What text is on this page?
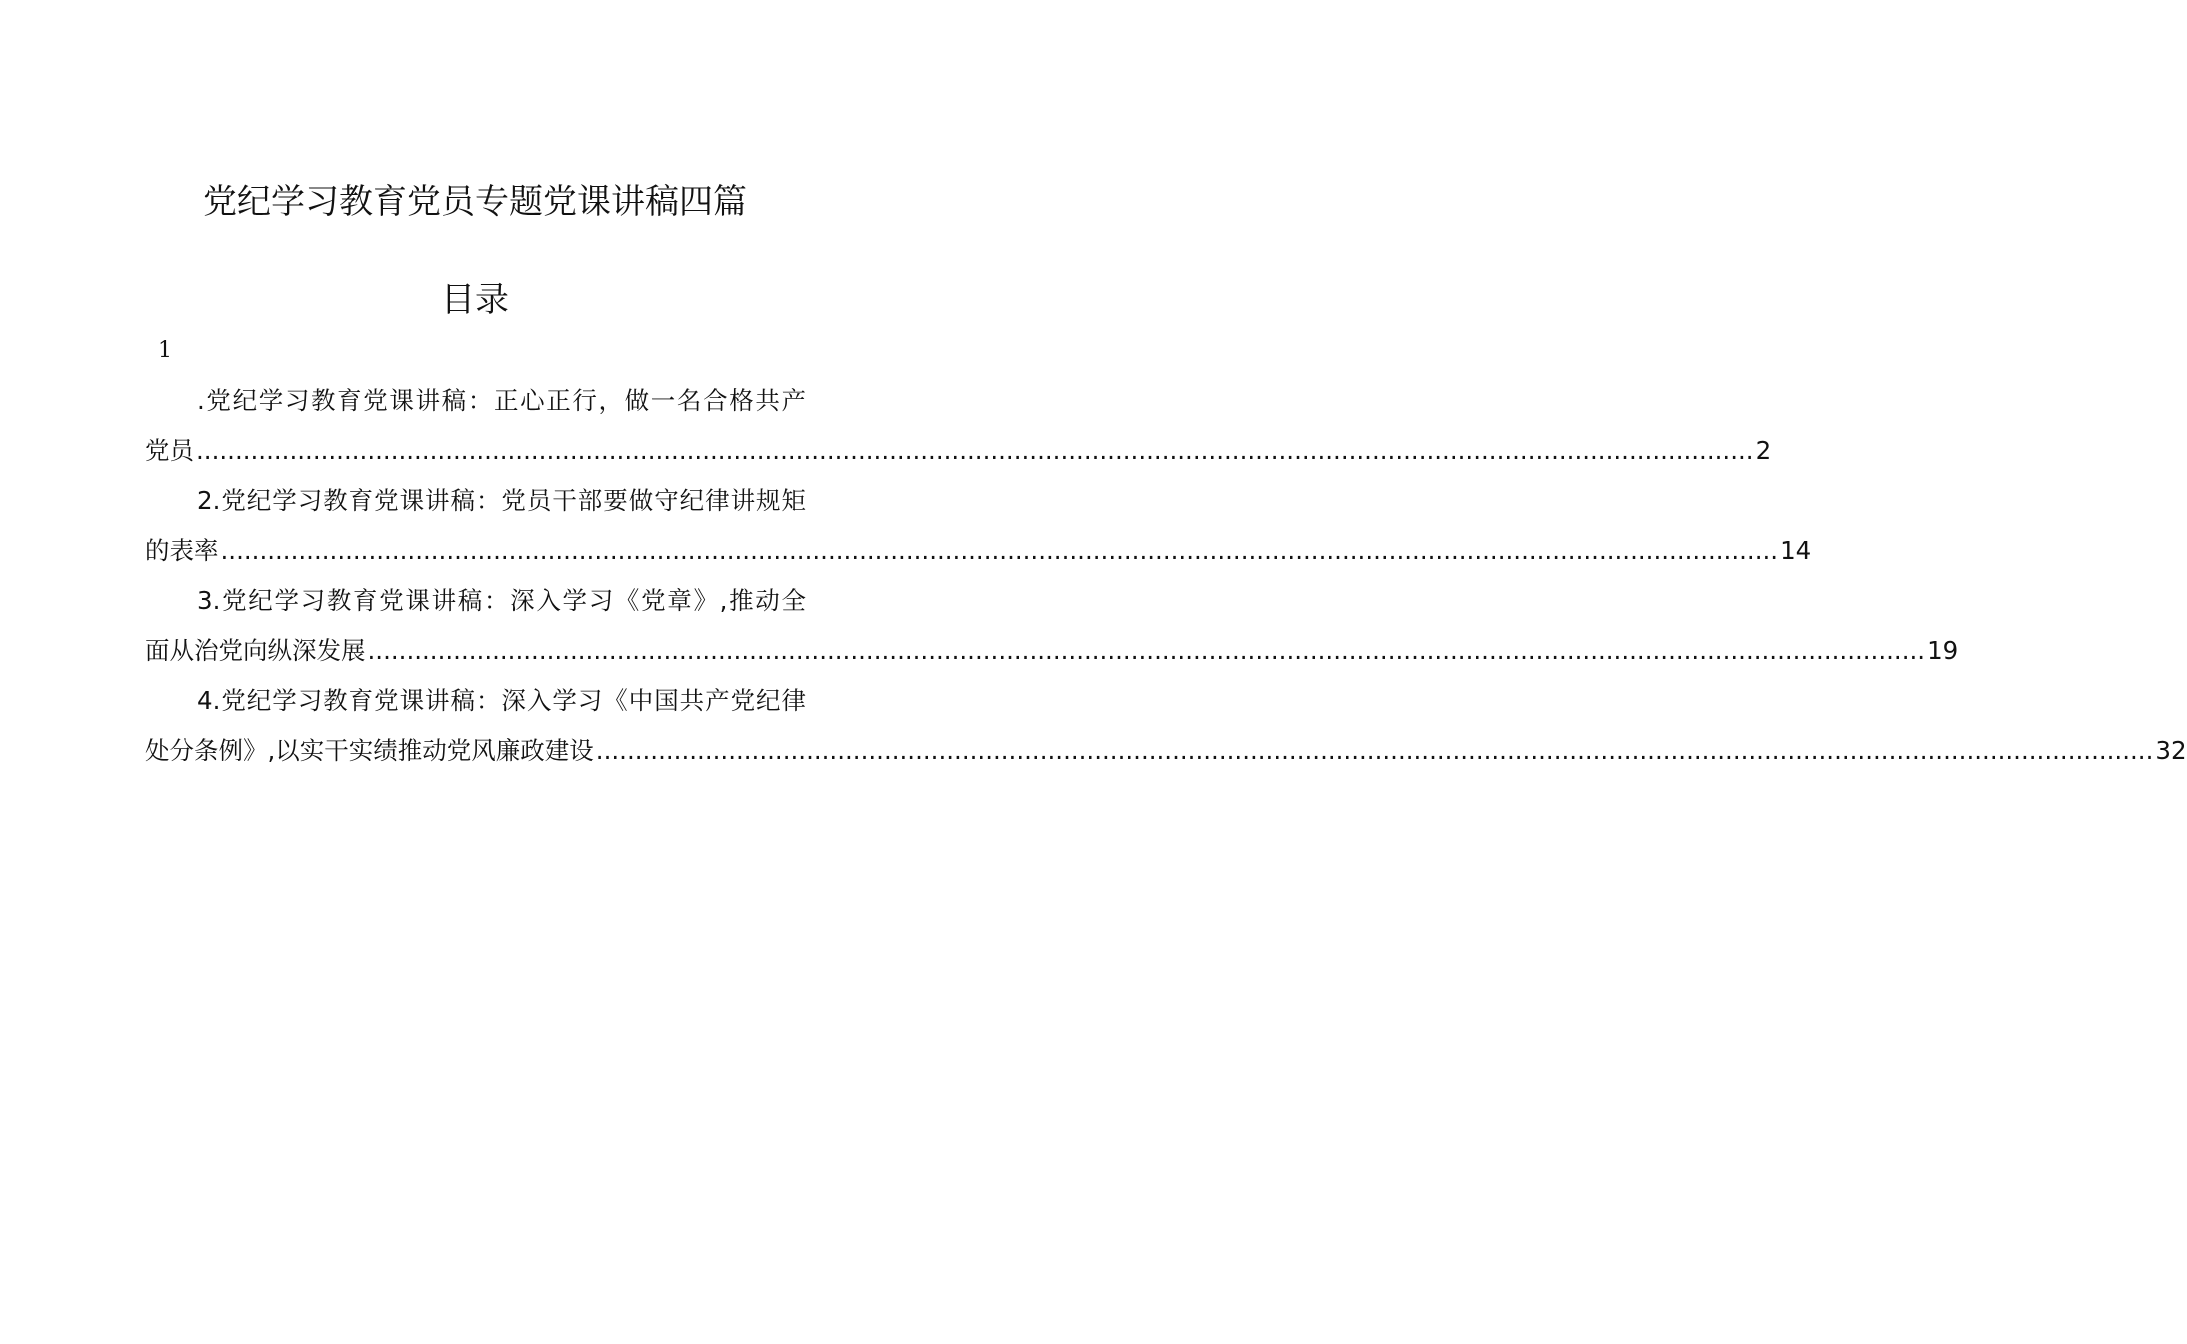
党纪学习教育党员专题党课讲稿四篇
目录
1
.党纪学习教育党课讲稿：正心正行，做一名合格共产
党员 ........................................................................................................................................................................................................ 2
2.党纪学习教育党课讲稿：党员干部要做守纪律讲规矩
的表率 ........................................................................................................................................................................................................ 14
3.党纪学习教育党课讲稿：深入学习《党章》,推动全
面从治党向纵深发展 ........................................................................................................................................................................................................ 19
4.党纪学习教育党课讲稿：深入学习《中国共产党纪律
处分条例》,以实干实绩推动党风廉政建设 ........................................................................................................................................................................................................ 32
